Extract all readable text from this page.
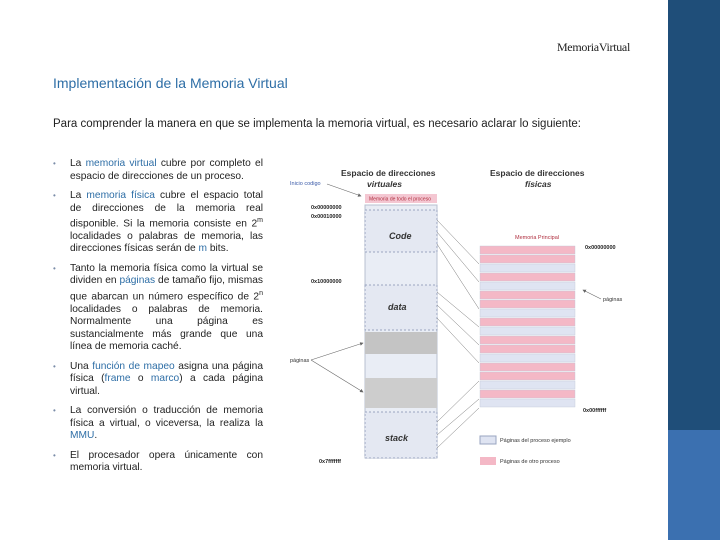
MemoriaVirtual
Implementación de la Memoria Virtual
Para comprender la manera en que se implementa la memoria virtual, es necesario aclarar lo siguiente:
• La memoria virtual cubre por completo el espacio de direcciones de un proceso.
• La memoria física cubre el espacio total de direcciones de la memoria real disponible. Si la memoria consiste en 2$^m$ localidades o palabras de memoria, las direcciones físicas serán de m bits.
• Tanto la memoria física como la virtual se dividen en páginas de tamaño fijo, mismas que abarcan un número específico de 2$^n$ localidades o palabras de memoria. Normalmente una página es sustancialmente más grande que una línea de memoria caché.
• Una función de mapeo asigna una página física (frame o marco) a cada página virtual.
• La conversión o traducción de memoria física a virtual, o viceversa, la realiza la MMU.
• El procesador opera únicamente con memoria virtual.
Espacio de direcciones
virtuales
Inicio codigo
Memoria de todo el proceso
0x00000000
0x00010000
0x10000000
0x7fffffff
Code
data
stack
páginas
Espacio de direcciones
físicas
Memoria Principal
0x00000000
0x00ffffff
páginas
Páginas del proceso ejemplo
Páginas de otro proceso
